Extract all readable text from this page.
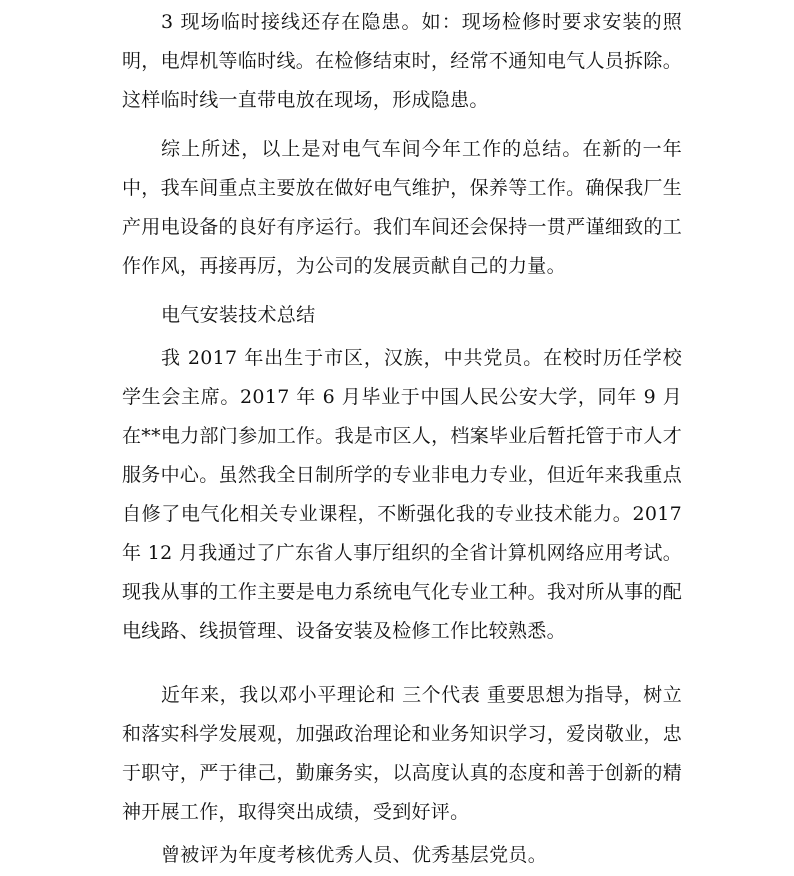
3 现场临时接线还存在隐患。如：现场检修时要求安装的照明，电焊机等临时线。在检修结束时，经常不通知电气人员拆除。这样临时线一直带电放在现场，形成隐患。

综上所述，以上是对电气车间今年工作的总结。在新的一年中，我车间重点主要放在做好电气维护，保养等工作。确保我厂生产用电设备的良好有序运行。我们车间还会保持一贯严谨细致的工作作风，再接再厉，为公司的发展贡献自己的力量。

电气安装技术总结

我 2017 年出生于市区，汉族，中共党员。在校时历任学校学生会主席。2017 年 6 月毕业于中国人民公安大学，同年 9 月在**电力部门参加工作。我是市区人，档案毕业后暂托管于市人才服务中心。虽然我全日制所学的专业非电力专业，但近年来我重点自修了电气化相关专业课程，不断强化我的专业技术能力。2017 年 12 月我通过了广东省人事厅组织的全省计算机网络应用考试。现我从事的工作主要是电力系统电气化专业工种。我对所从事的配电线路、线损管理、设备安装及检修工作比较熟悉。

近年来，我以邓小平理论和 三个代表 重要思想为指导，树立和落实科学发展观，加强政治理论和业务知识学习，爱岗敬业，忠于职守，严于律己，勤廉务实，以高度认真的态度和善于创新的精神开展工作，取得突出成绩，受到好评。

曾被评为年度考核优秀人员、优秀基层党员。
